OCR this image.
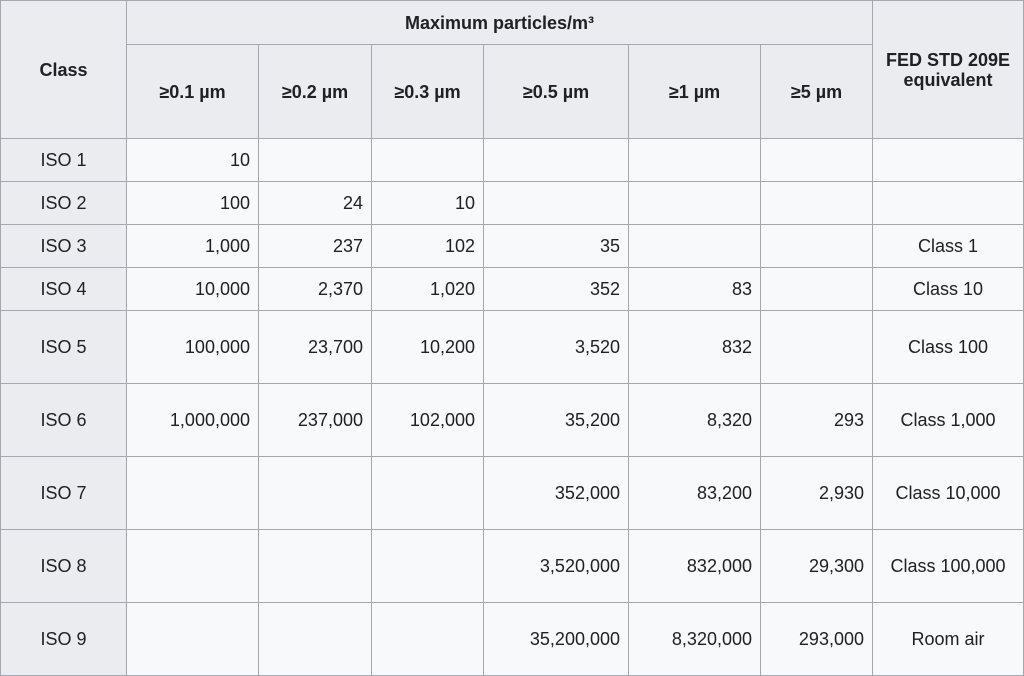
Class	Maximum particles/m³						FED STD 209E equivalent
	≥0.1 µm	≥0.2 µm	≥0.3 µm	≥0.5 µm	≥1 µm	≥5 µm	
ISO 1	10						
ISO 2	100	24	10				
ISO 3	1,000	237	102	35			Class 1
ISO 4	10,000	2,370	1,020	352	83		Class 10
ISO 5	100,000	23,700	10,200	3,520	832		Class 100
ISO 6	1,000,000	237,000	102,000	35,200	8,320	293	Class 1,000
ISO 7				352,000	83,200	2,930	Class 10,000
ISO 8				3,520,000	832,000	29,300	Class 100,000
ISO 9				35,200,000	8,320,000	293,000	Room air
